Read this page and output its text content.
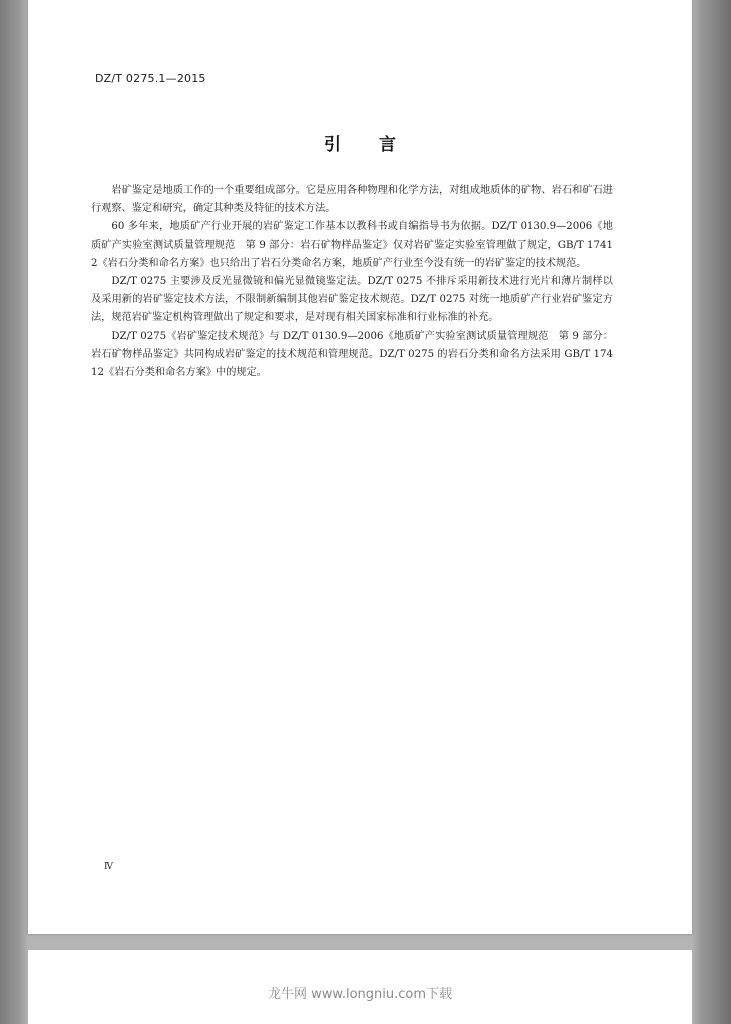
DZ/T 0275.1—2015
引言

岩矿鉴定是地质工作的一个重要组成部分。它是应用各种物理和化学方法，对组成地质体的矿物、岩石和矿石进行观察、鉴定和研究，确定其种类及特征的技术方法。

60 多年来，地质矿产行业开展的岩矿鉴定工作基本以教科书或自编指导书为依据。DZ/T 0130.9—2006《地质矿产实验室测试质量管理规范　第 9 部分：岩石矿物样品鉴定》仅对岩矿鉴定实验室管理做了规定，GB/T 17412《岩石分类和命名方案》也只给出了岩石分类命名方案，地质矿产行业至今没有统一的岩矿鉴定的技术规范。

DZ/T 0275 主要涉及反光显微镜和偏光显微镜鉴定法。DZ/T 0275 不排斥采用新技术进行光片和薄片制样以及采用新的岩矿鉴定技术方法，不限制新编制其他岩矿鉴定技术规范。DZ/T 0275 对统一地质矿产行业岩矿鉴定方法，规范岩矿鉴定机构管理做出了规定和要求，是对现有相关国家标准和行业标准的补充。

DZ/T 0275《岩矿鉴定技术规范》与 DZ/T 0130.9—2006《地质矿产实验室测试质量管理规范　第 9 部分：岩石矿物样品鉴定》共同构成岩矿鉴定的技术规范和管理规范。DZ/T 0275 的岩石分类和命名方法采用 GB/T 17412《岩石分类和命名方案》中的规定。

Ⅳ
龙牛网 www.longniu.com下载
